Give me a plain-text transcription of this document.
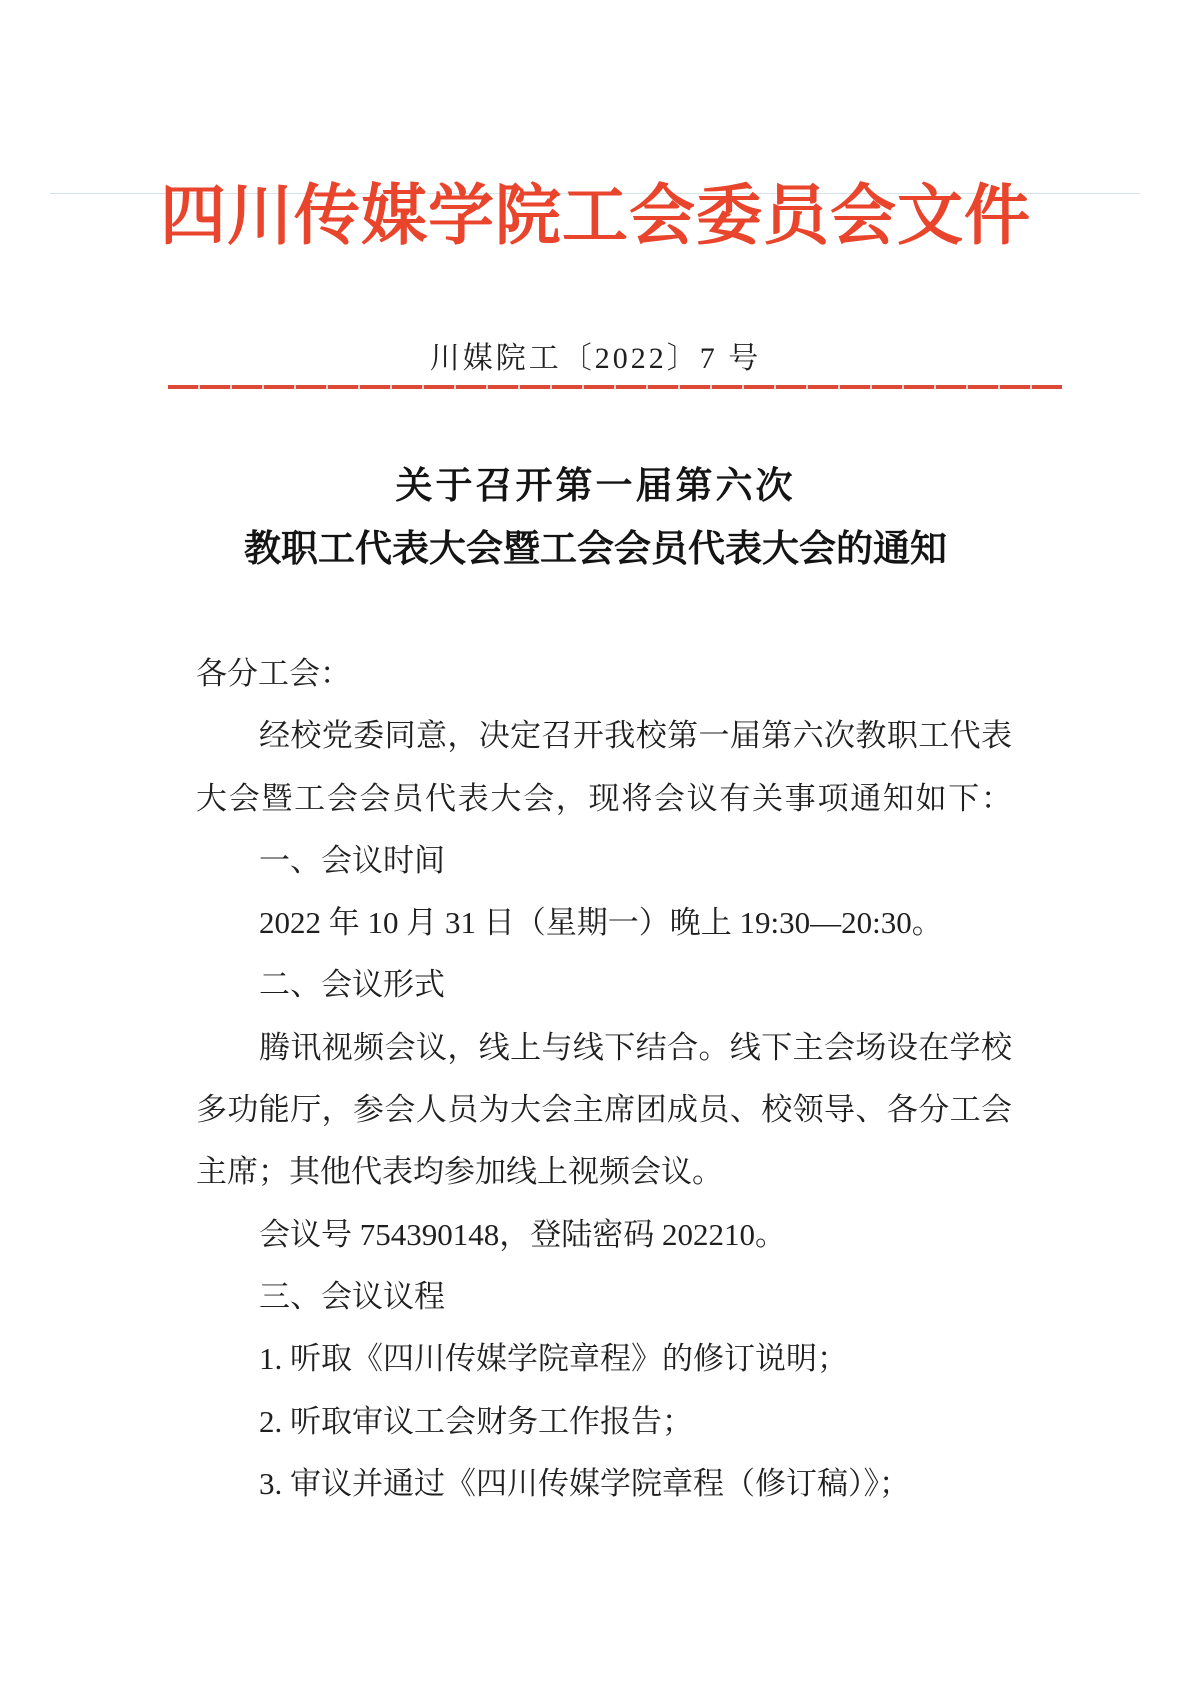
四川传媒学院工会委员会文件
川媒院工〔2022〕7 号
关于召开第一届第六次
教职工代表大会暨工会会员代表大会的通知
各分工会：
经校党委同意，决定召开我校第一届第六次教职工代表
大会暨工会会员代表大会，现将会议有关事项通知如下：
一、会议时间
2022 年 10 月 31 日（星期一）晚上 19:30—20:30。
二、会议形式
腾讯视频会议，线上与线下结合。线下主会场设在学校
多功能厅，参会人员为大会主席团成员、校领导、各分工会
主席；其他代表均参加线上视频会议。
会议号 754390148，登陆密码 202210。
三、会议议程
1. 听取《四川传媒学院章程》的修订说明；
2. 听取审议工会财务工作报告；
3. 审议并通过《四川传媒学院章程（修订稿）》；
